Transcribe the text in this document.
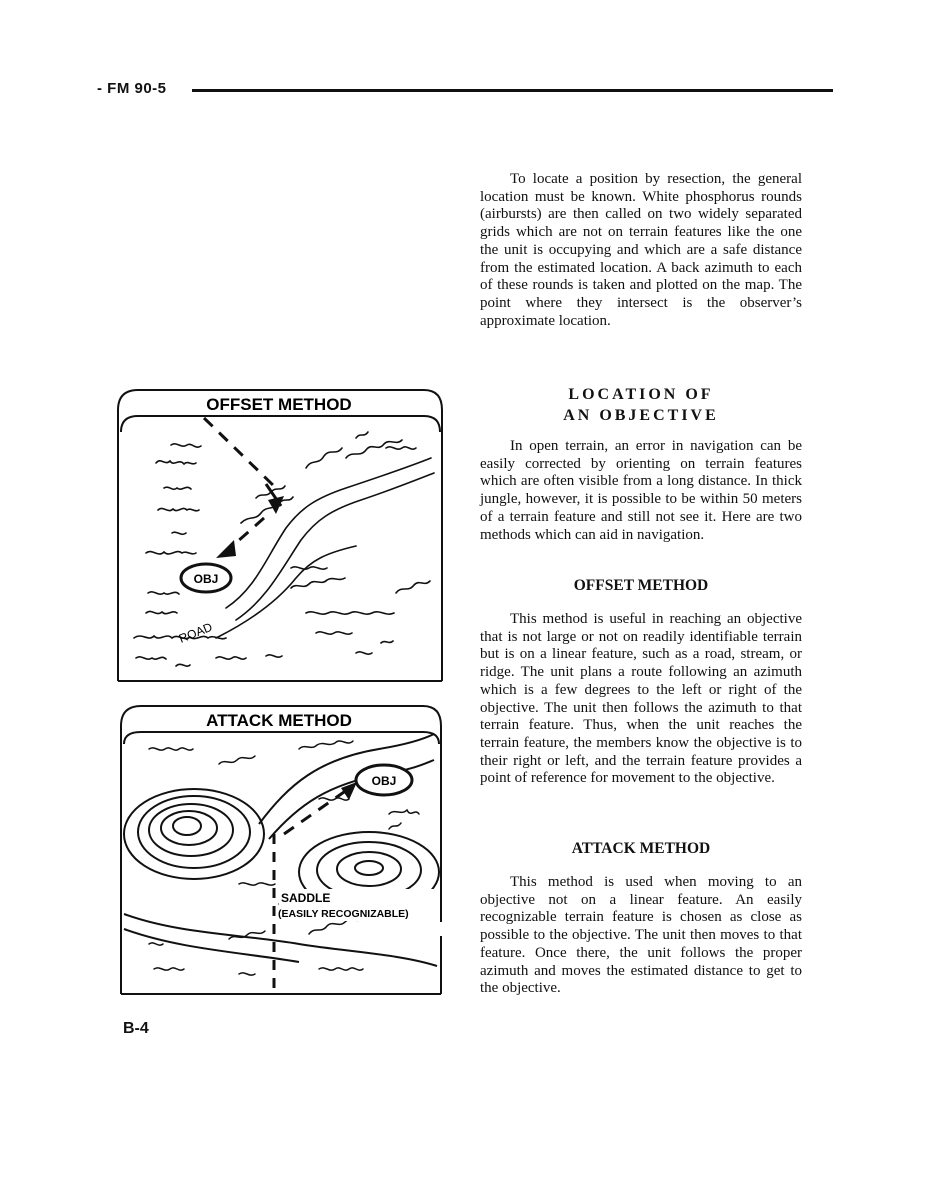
- FM 90-5

To locate a position by resection, the general location must be known. White phosphorus rounds (airbursts) are then called on two widely separated grids which are not on terrain features like the one the unit is occupying and which are a safe distance from the estimated location. A back azimuth to each of these rounds is taken and plotted on the map. The point where they intersect is the observer’s approximate location.

LOCATION OF
AN OBJECTIVE

In open terrain, an error in navigation can be easily corrected by orienting on terrain features which are often visible from a long distance. In thick jungle, however, it is possible to be within 50 meters of a terrain feature and still not see it. Here are two methods which can aid in navigation.

OFFSET METHOD

This method is useful in reaching an objective that is not large or not on readily identifiable terrain but is on a linear feature, such as a road, stream, or ridge. The unit plans a route following an azimuth which is a few degrees to the left or right of the objective. The unit then follows the azimuth to that terrain feature. Thus, when the unit reaches the terrain feature, the members know the objective is to their right or left, and the terrain feature provides a point of reference for movement to the objective.

ATTACK METHOD

This method is used when moving to an objective not on a linear feature. An easily recognizable terrain feature is chosen as close as possible to the objective. The unit then moves to that feature. Once there, the unit follows the proper azimuth and moves the estimated distance to get to the objective.

OFFSET METHOD
OBJ
ROAD
ATTACK METHOD
OBJ
SADDLE
(EASILY RECOGNIZABLE)
B-4
